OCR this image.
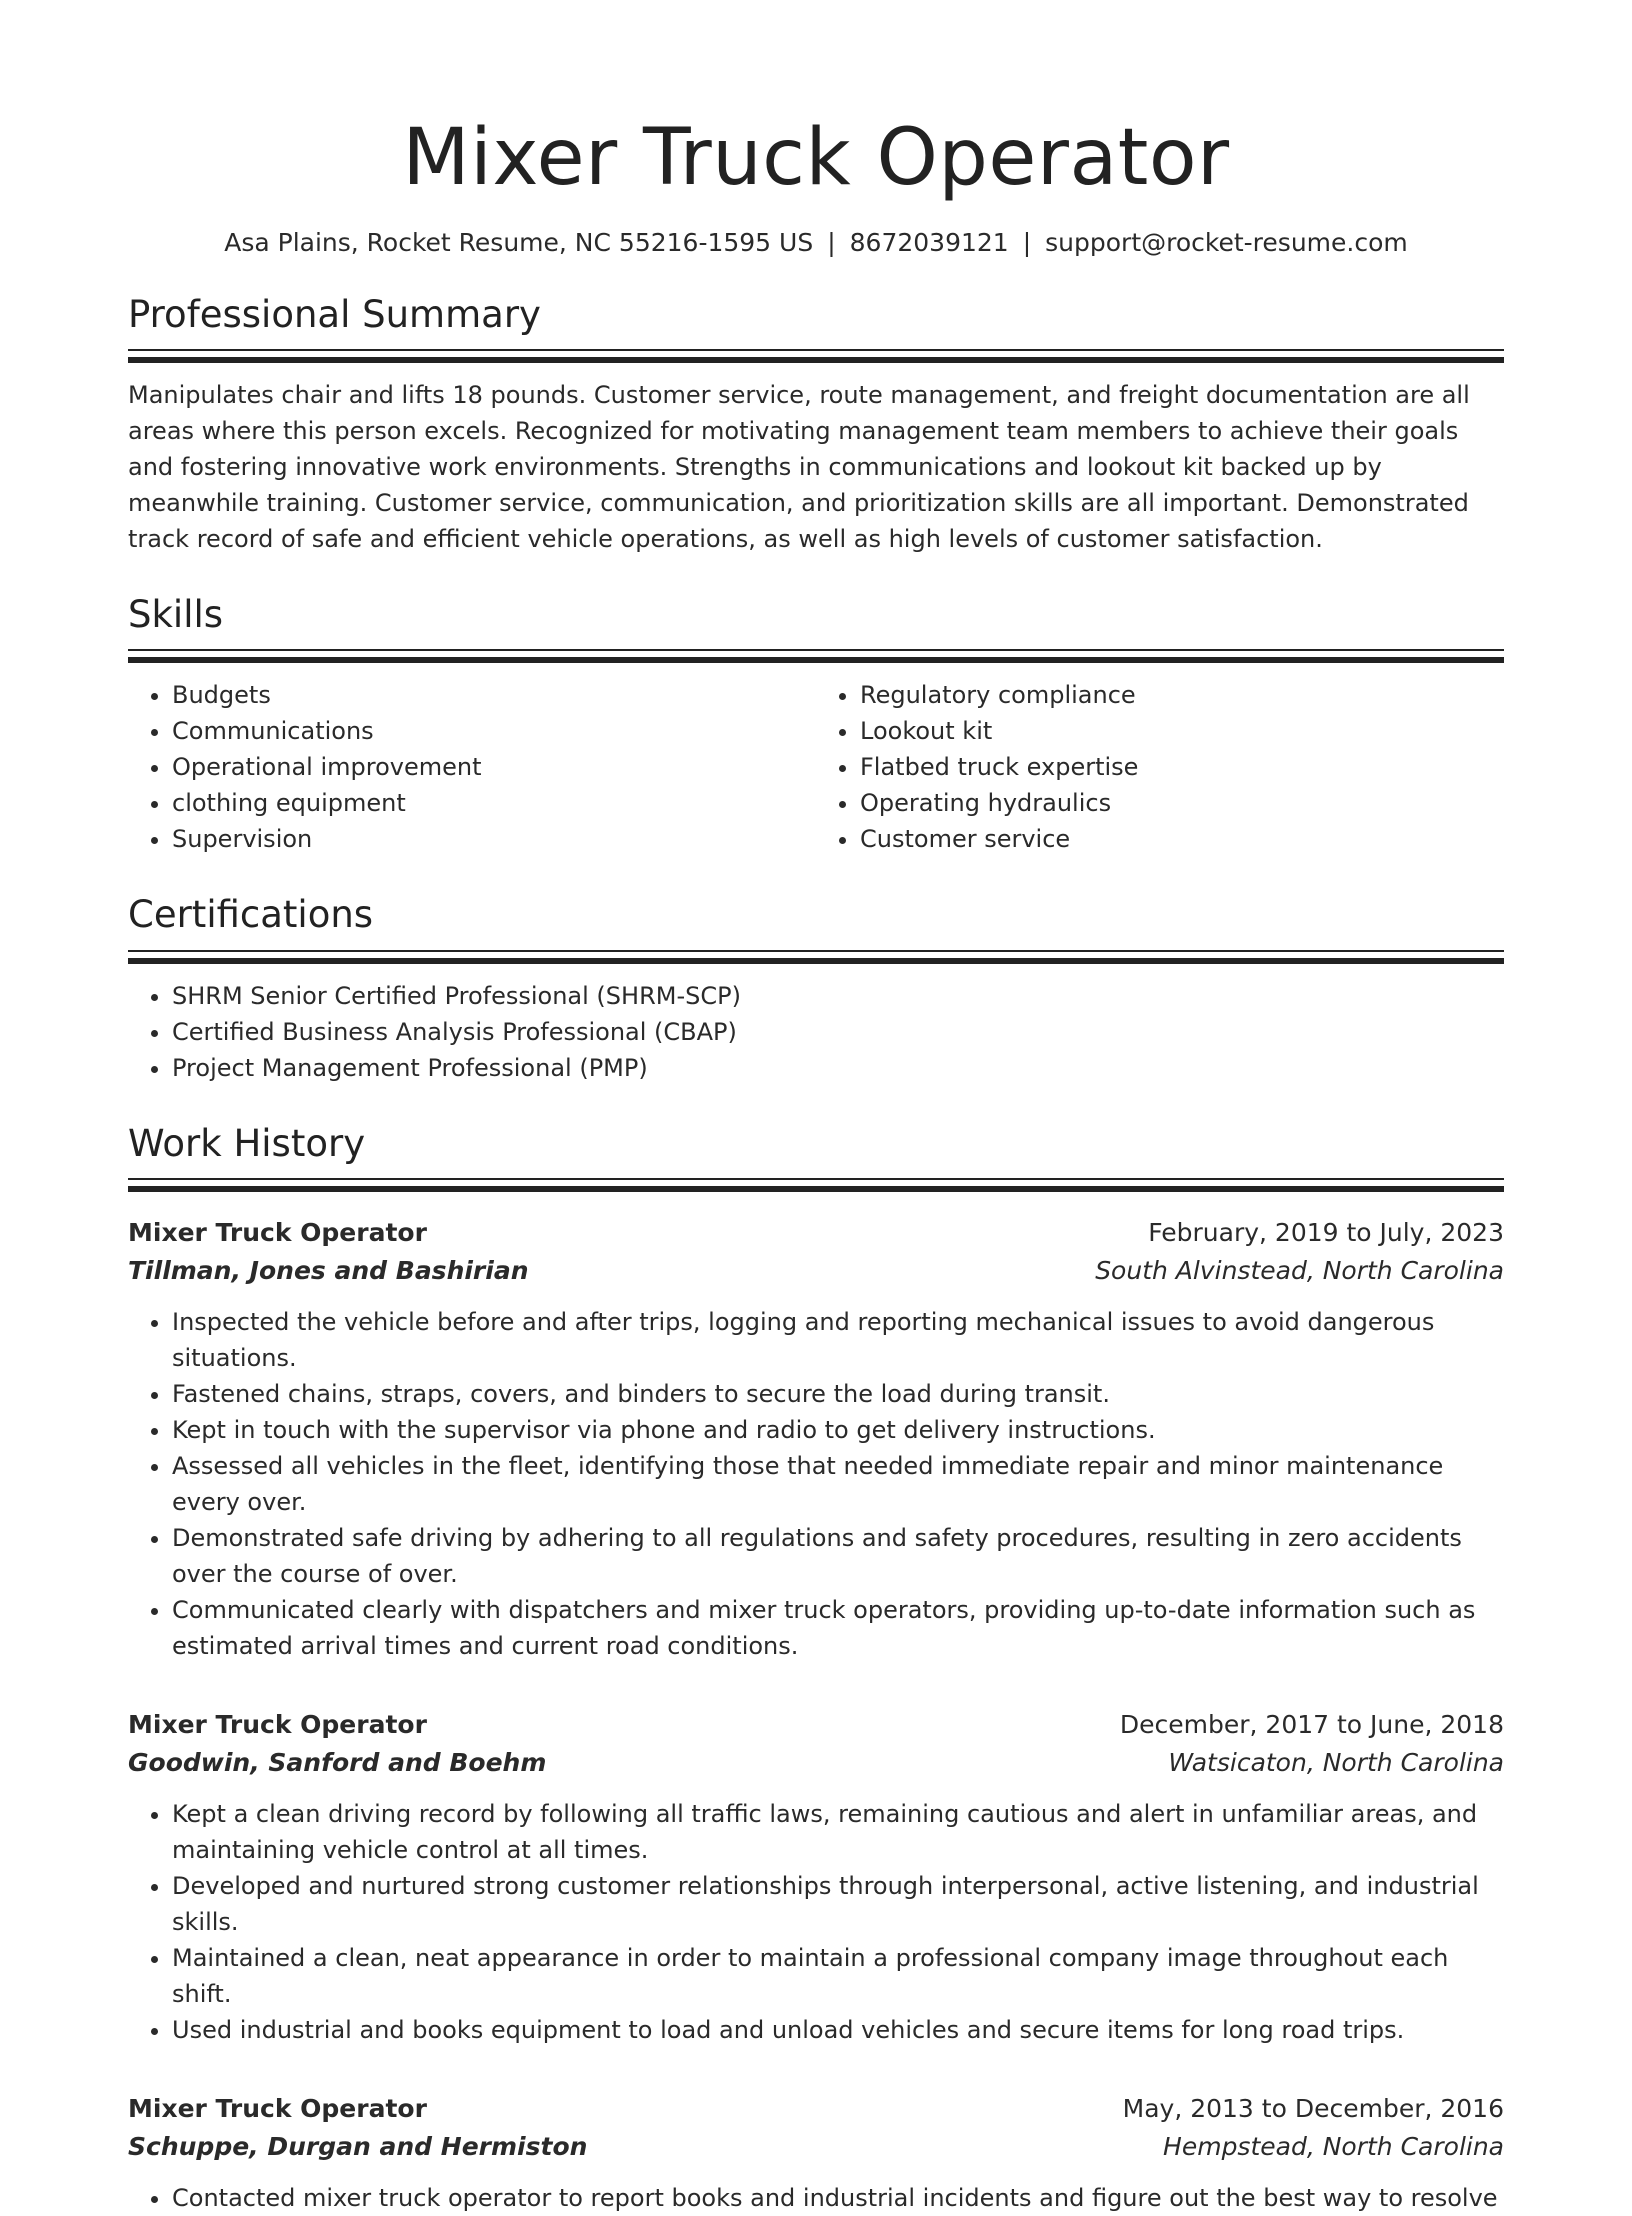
Mixer Truck Operator
Asa Plains, Rocket Resume, NC 55216-1595 US | 8672039121 | support@rocket-resume.com
Professional Summary
Manipulates chair and lifts 18 pounds. Customer service, route management, and freight documentation are all areas where this person excels. Recognized for motivating management team members to achieve their goals and fostering innovative work environments. Strengths in communications and lookout kit backed up by meanwhile training. Customer service, communication, and prioritization skills are all important. Demonstrated track record of safe and efficient vehicle operations, as well as high levels of customer satisfaction.
Skills
• Budgets
• Communications
• Operational improvement
• clothing equipment
• Supervision
• Regulatory compliance
• Lookout kit
• Flatbed truck expertise
• Operating hydraulics
• Customer service
Certifications
• SHRM Senior Certified Professional (SHRM-SCP)
• Certified Business Analysis Professional (CBAP)
• Project Management Professional (PMP)
Work History
Mixer Truck Operator	February, 2019 to July, 2023
Tillman, Jones and Bashirian	South Alvinstead, North Carolina
• Inspected the vehicle before and after trips, logging and reporting mechanical issues to avoid dangerous situations.
• Fastened chains, straps, covers, and binders to secure the load during transit.
• Kept in touch with the supervisor via phone and radio to get delivery instructions.
• Assessed all vehicles in the fleet, identifying those that needed immediate repair and minor maintenance every over.
• Demonstrated safe driving by adhering to all regulations and safety procedures, resulting in zero accidents over the course of over.
• Communicated clearly with dispatchers and mixer truck operators, providing up-to-date information such as estimated arrival times and current road conditions.
Mixer Truck Operator	December, 2017 to June, 2018
Goodwin, Sanford and Boehm	Watsicaton, North Carolina
• Kept a clean driving record by following all traffic laws, remaining cautious and alert in unfamiliar areas, and maintaining vehicle control at all times.
• Developed and nurtured strong customer relationships through interpersonal, active listening, and industrial skills.
• Maintained a clean, neat appearance in order to maintain a professional company image throughout each shift.
• Used industrial and books equipment to load and unload vehicles and secure items for long road trips.
Mixer Truck Operator	May, 2013 to December, 2016
Schuppe, Durgan and Hermiston	Hempstead, North Carolina
• Contacted mixer truck operator to report books and industrial incidents and figure out the best way to resolve
